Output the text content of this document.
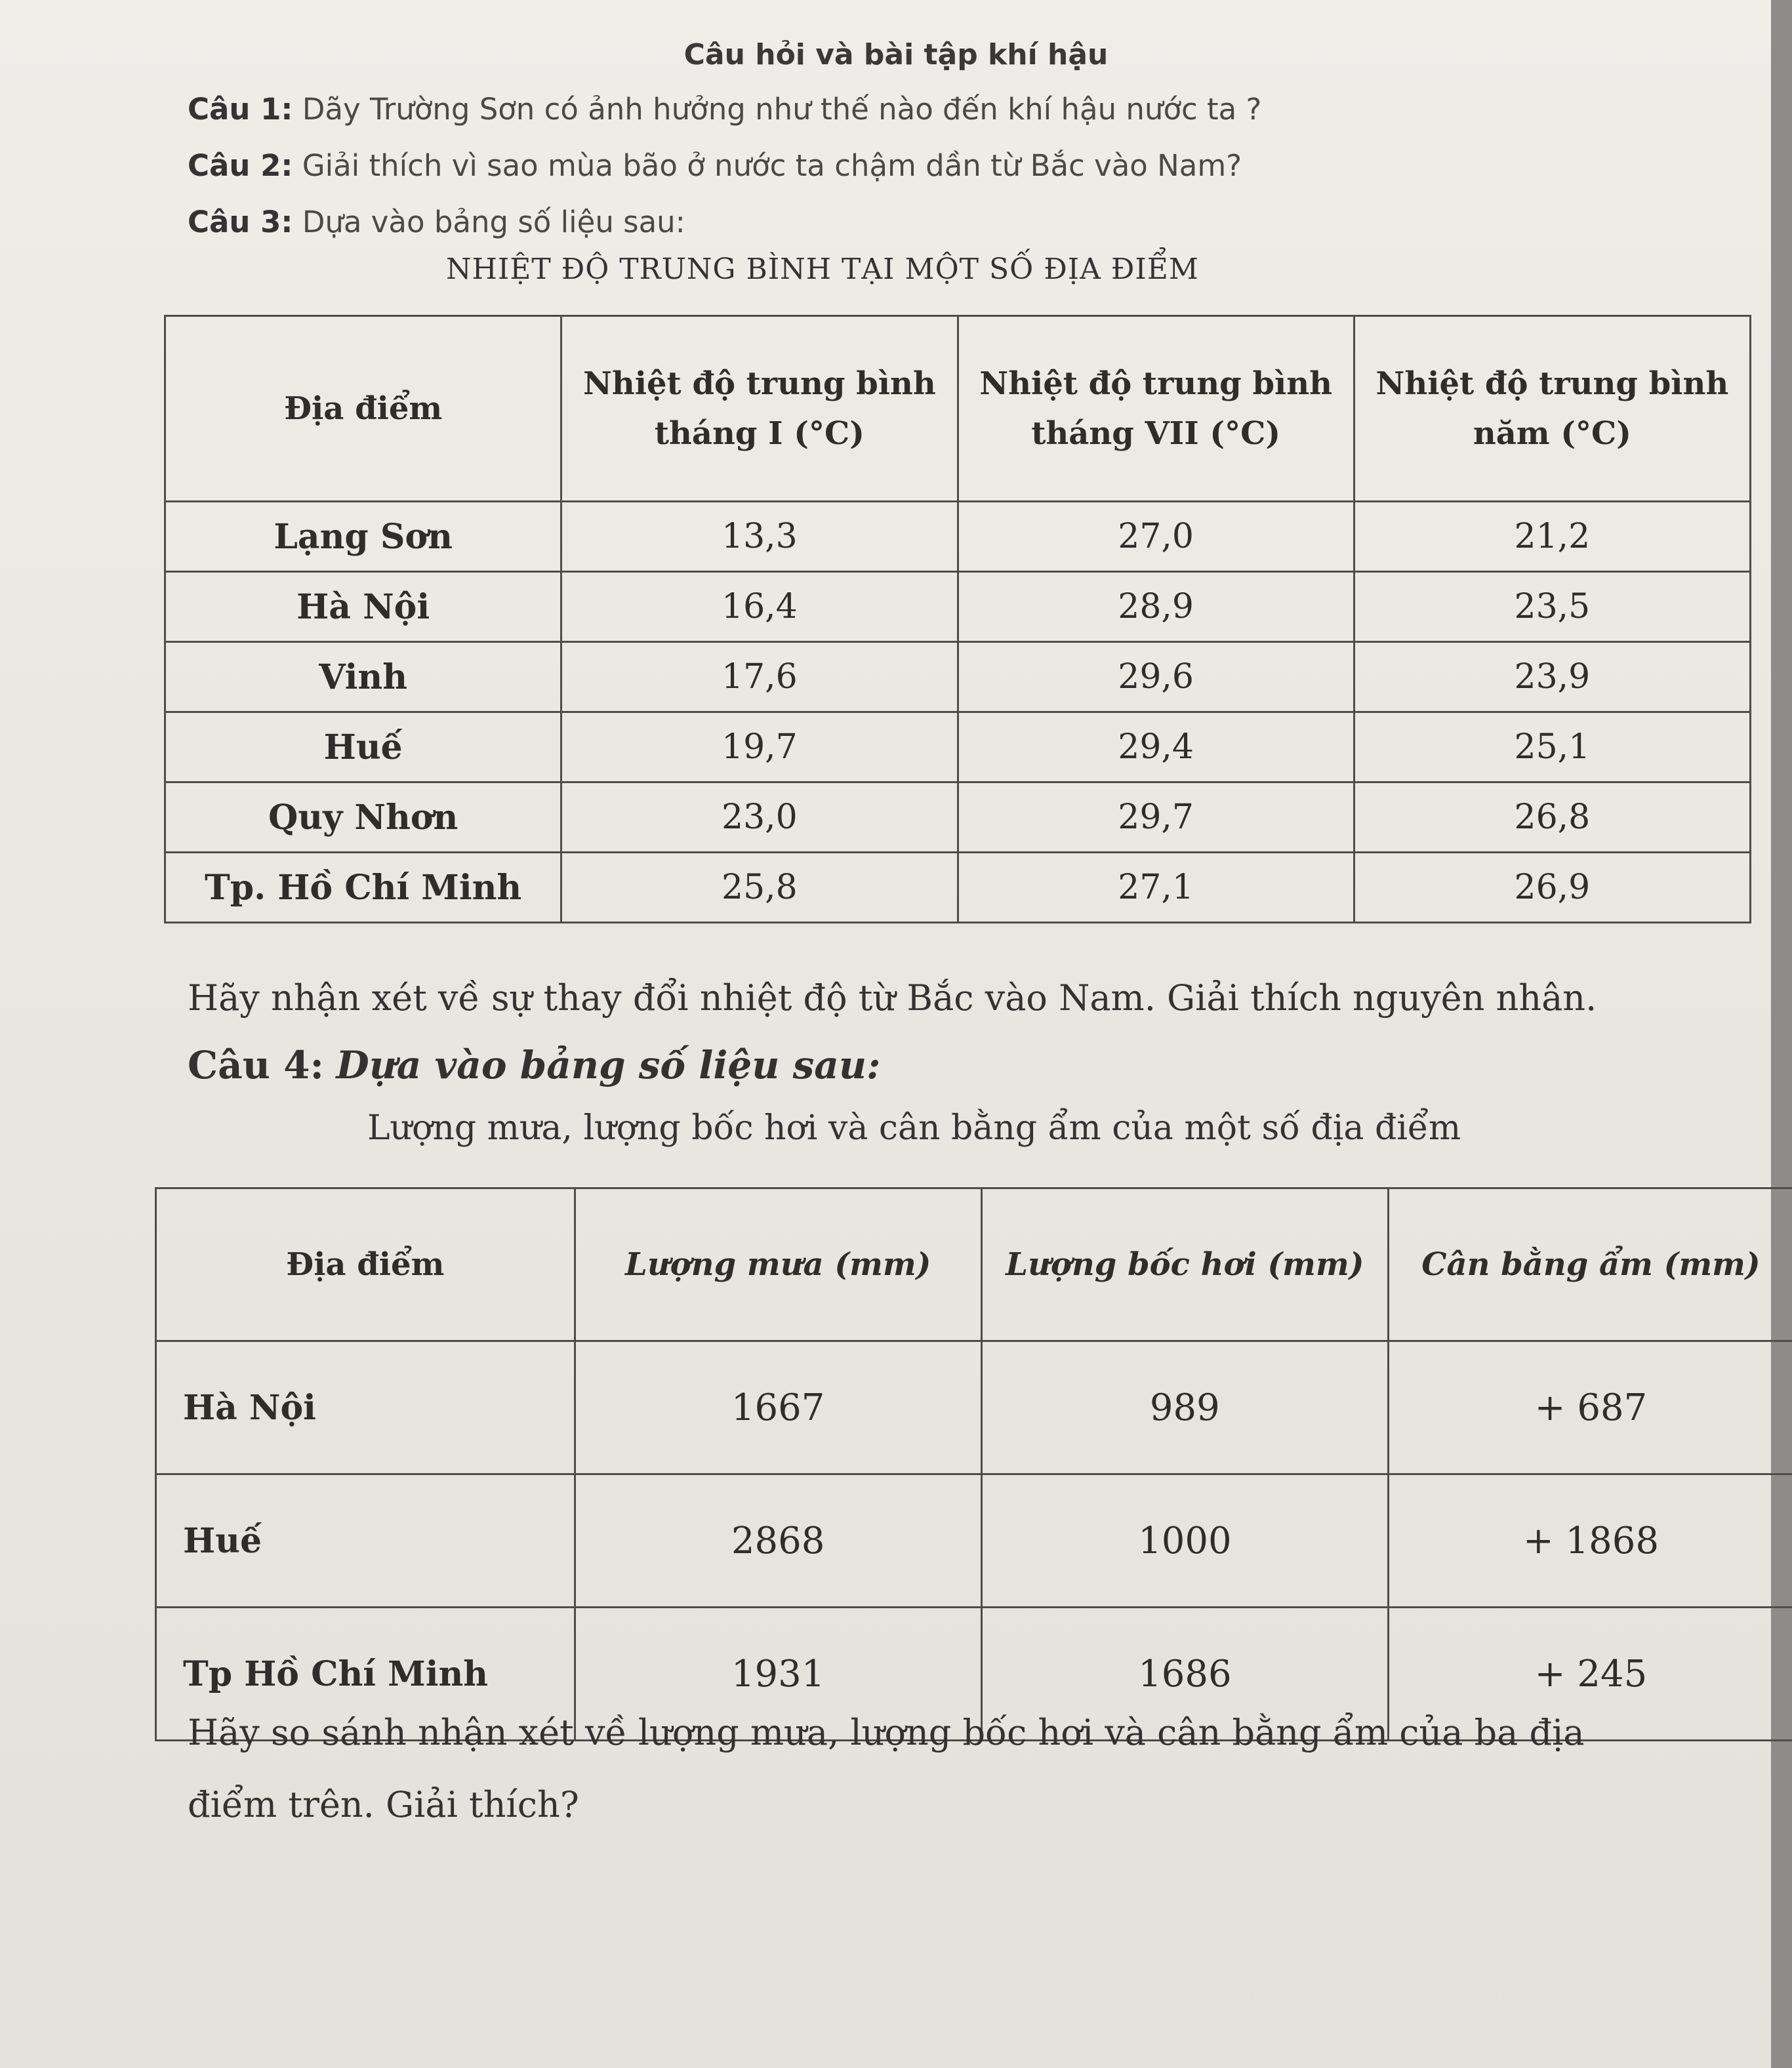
Câu hỏi và bài tập khí hậu
Câu 1: Dãy Trường Sơn có ảnh hưởng như thế nào đến khí hậu nước ta ?
Câu 2: Giải thích vì sao mùa bão ở nước ta chậm dần từ Bắc vào Nam?
Câu 3: Dựa vào bảng số liệu sau:
NHIỆT ĐỘ TRUNG BÌNH TẠI MỘT SỐ ĐỊA ĐIỂM
Địa điểm	Nhiệt độ trung bình tháng I (°C)	Nhiệt độ trung bình tháng VII (°C)	Nhiệt độ trung bình năm (°C)
Lạng Sơn	13,3	27,0	21,2
Hà Nội	16,4	28,9	23,5
Vinh	17,6	29,6	23,9
Huế	19,7	29,4	25,1
Quy Nhơn	23,0	29,7	26,8
Tp. Hồ Chí Minh	25,8	27,1	26,9
Hãy nhận xét về sự thay đổi nhiệt độ từ Bắc vào Nam. Giải thích nguyên nhân.
Câu 4: Dựa vào bảng số liệu sau:
Lượng mưa, lượng bốc hơi và cân bằng ẩm của một số địa điểm
Địa điểm	Lượng mưa (mm)	Lượng bốc hơi (mm)	Cân bằng ẩm (mm)
Hà Nội	1667	989	+ 687
Huế	2868	1000	+ 1868
Tp Hồ Chí Minh	1931	1686	+ 245
Hãy so sánh nhận xét về lượng mưa, lượng bốc hơi và cân bằng ẩm của ba địa
điểm trên. Giải thích?
